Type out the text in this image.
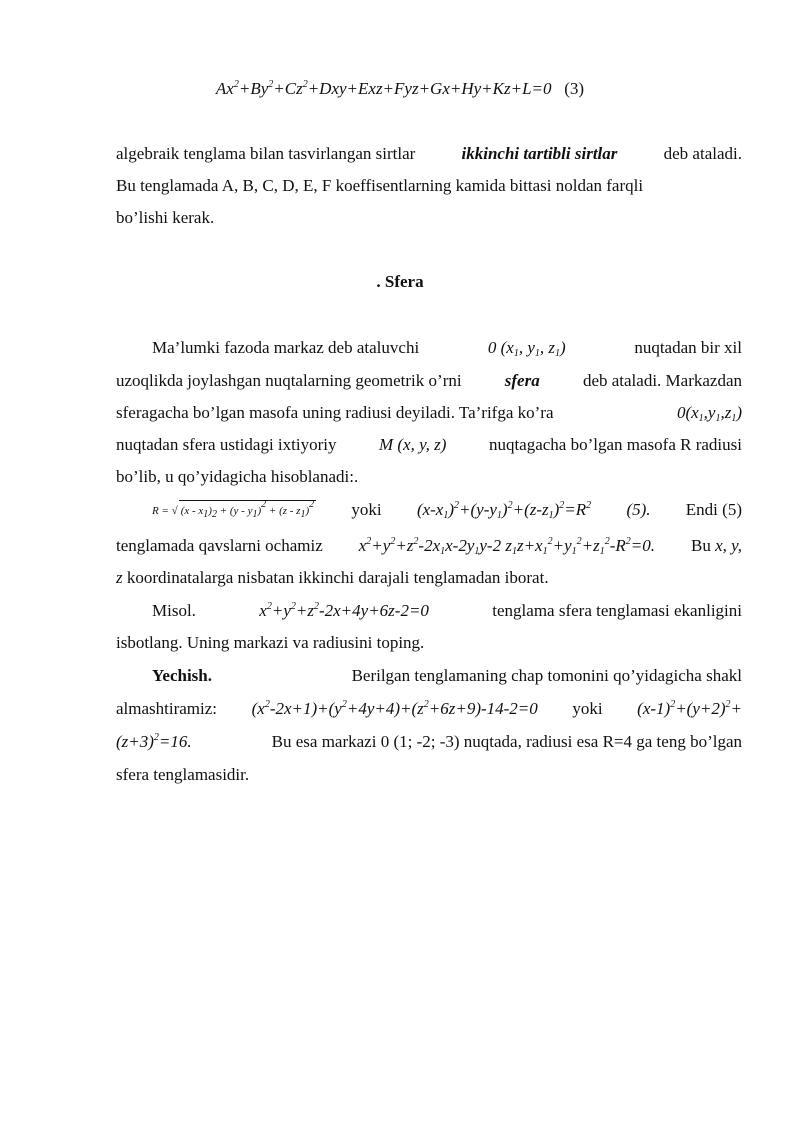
$Ax^2+By^2+Cz^2+Dxy+Exz+Fyz+Gx+Hy+Kz+L=0$ (3)
algebraik tenglama bilan tasvirlangan sirtlar	ikkinchi tartibli sirtlar	deb ataladi.
Bu tenglamada A, B, C, D, E, F koeffisentlarning kamida bittasi noldan farqli
bo’lishi kerak.
. Sfera
Ma’lumki fazoda markaz deb ataluvchi	0 ($x_1$, $y_1$, $z_1$)	nuqtadan bir xil
uzoqlikda joylashgan nuqtalarning geometrik o’rni	sfera	deb ataladi. Markazdan
sferagacha bo’lgan masofa uning radiusi deyiladi. Ta’rifga ko’ra	$0(x_1,y_1,z_1)$
nuqtadan sfera ustidagi ixtiyoriy M (x, y, z) nuqtagacha bo’lgan masofa R radiusi
bo’lib, u qo’yidagicha hisoblanadi:.
R = √ $(x - x_1)_2 + (y - y_1)^2 + (z - z_1)^2$ yoki $(x-x_1)^2+(y-y_1)^2+(z-z_1)^2=R^2$ (5). Endi (5)
tenglamada qavslarni ochamiz $x^2+y^2+z^2-2x_1x-2y_1y-2$ $z_1z+x_1^2+y_1^2+z_1^2-R^2=0$. Bu x, y,
z koordinatalarga nisbatan ikkinchi darajali tenglamadan iborat.
Misol.	$x^2+y^2+z^2-2x+4y+6z-2=0$	tenglama sfera tenglamasi ekanligini
isbotlang. Uning markazi va radiusini toping.
Yechish.	Berilgan tenglamaning chap tomonini qo’yidagicha shakl
almashtiramiz: $(x^2-2x+1)+(y^2+4y+4)+(z^2+6z+9)-14-2=0$ yoki $(x-1)^2+(y+2)^2+$
$(z+3)^2=16$.	Bu esa markazi 0 (1; -2; -3) nuqtada, radiusi esa R=4 ga teng bo’lgan
sfera tenglamasidir.
